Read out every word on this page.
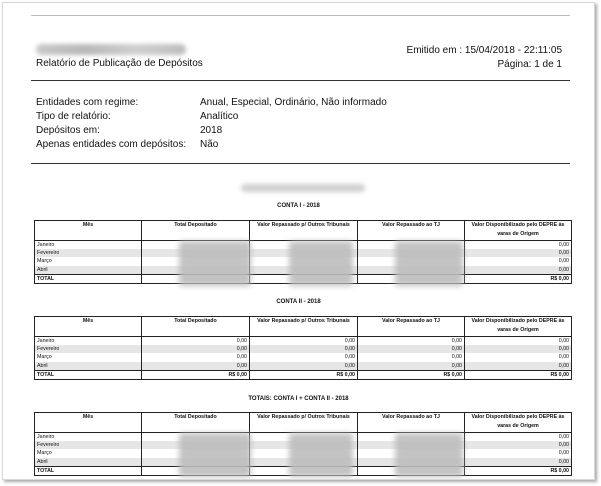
Relatório de Publicação de Depósitos
Emitido em : 15/04/2018 - 22:11:05
Página: 1 de 1
Entidades com regime:	Anual, Especial, Ordinário, Não informado
Tipo de relatório:	Analítico
Depósitos em:	2018
Apenas entidades com depósitos:	Não
CONTA I - 2018
Mês	Total Depositado	Valor Repassado p/ Outros Tribunais	Valor Repassado ao TJ	Valor Disponibilizado pelo DEPRE às varas de Origem
Janeiro				0,00
Fevereiro				0,00
Março				0,00
Abril				0,00
TOTAL				R$ 0,00
CONTA II - 2018
Mês	Total Depositado	Valor Repassado p/ Outros Tribunais	Valor Repassado ao TJ	Valor Disponibilizado pelo DEPRE às varas de Origem
Janeiro	0,00	0,00	0,00	0,00
Fevereiro	0,00	0,00	0,00	0,00
Março	0,00	0,00	0,00	0,00
Abril	0,00	0,00	0,00	0,00
TOTAL	R$ 0,00	R$ 0,00	R$ 0,00	R$ 0,00
TOTAIS: CONTA I + CONTA II - 2018
Mês	Total Depositado	Valor Repassado p/ Outros Tribunais	Valor Repassado ao TJ	Valor Disponibilizado pelo DEPRE às varas de Origem
Janeiro				0,00
Fevereiro				0,00
Março				0,00
Abril				0,00
TOTAL				R$ 0,00
